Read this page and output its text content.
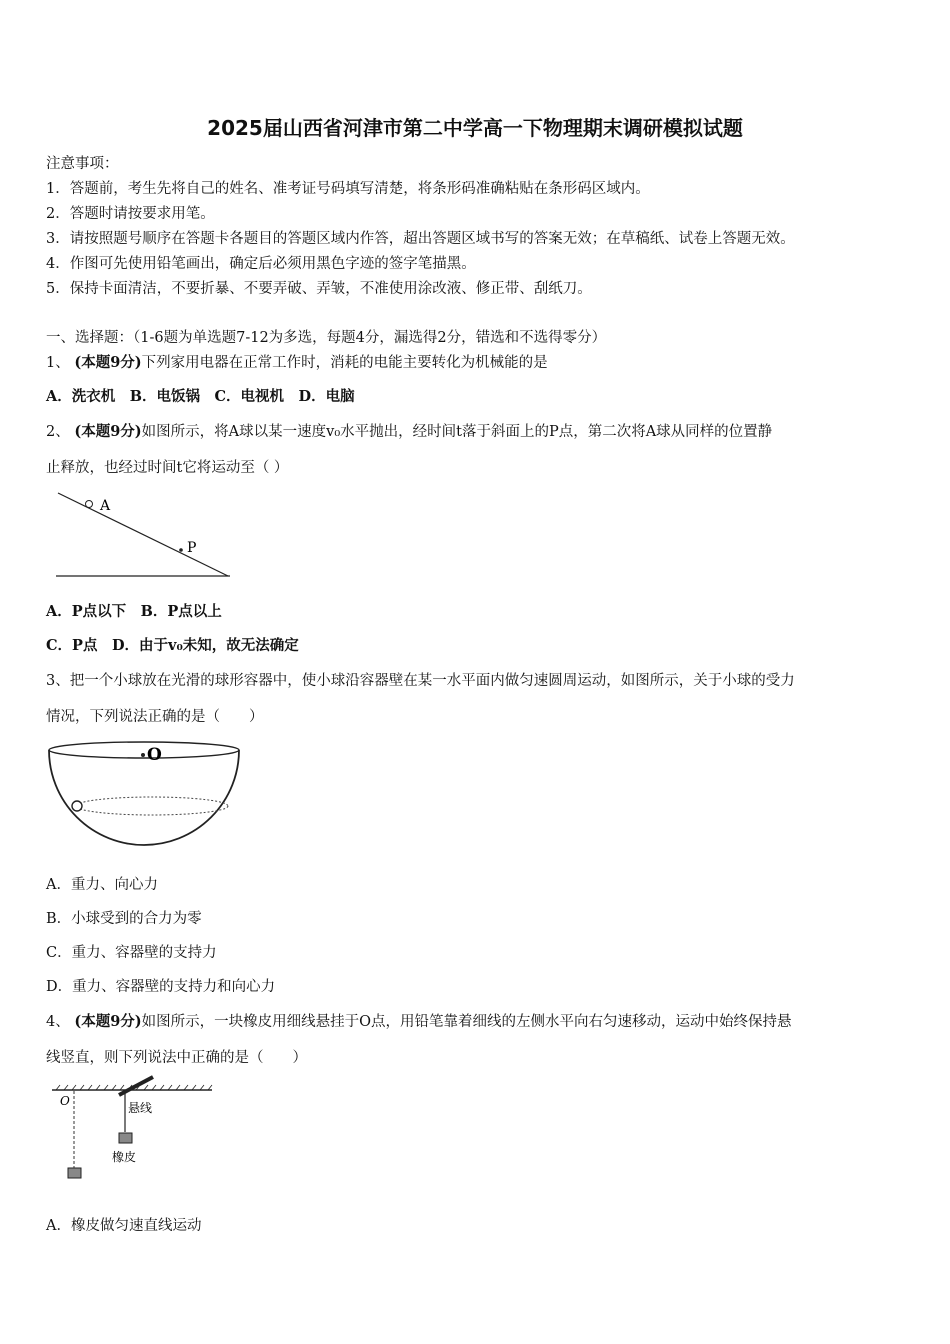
2025届山西省河津市第二中学高一下物理期末调研模拟试题
注意事项：
1．答题前，考生先将自己的姓名、准考证号码填写清楚，将条形码准确粘贴在条形码区域内。
2．答题时请按要求用笔。
3．请按照题号顺序在答题卡各题目的答题区域内作答，超出答题区域书写的答案无效；在草稿纸、试卷上答题无效。
4．作图可先使用铅笔画出，确定后必须用黑色字迹的签字笔描黑。
5．保持卡面清洁，不要折暴、不要弄破、弄皱，不准使用涂改液、修正带、刮纸刀。
一、选择题：（1-6题为单选题7-12为多选，每题4分，漏选得2分，错选和不选得零分）
1、 (本题9分)下列家用电器在正常工作时，消耗的电能主要转化为机械能的是
A．洗衣机　B．电饭锅　C．电视机　D．电脑
2、 (本题9分)如图所示，将A球以某一速度v₀水平抛出，经时间t落于斜面上的P点，第二次将A球从同样的位置静
止释放，也经过时间t它将运动至（ ）
A
P
A．P点以下　B．P点以上
C．P点　D．由于v₀未知，故无法确定
3、把一个小球放在光滑的球形容器中，使小球沿容器壁在某一水平面内做匀速圆周运动，如图所示，关于小球的受力
情况，下列说法正确的是（　　）
O
A．重力、向心力
B．小球受到的合力为零
C．重力、容器壁的支持力
D．重力、容器壁的支持力和向心力
4、 (本题9分)如图所示，一块橡皮用细线悬挂于O点，用铅笔靠着细线的左侧水平向右匀速移动，运动中始终保持悬
线竖直，则下列说法中正确的是（　　）
O	悬线
橡皮
A．橡皮做匀速直线运动
